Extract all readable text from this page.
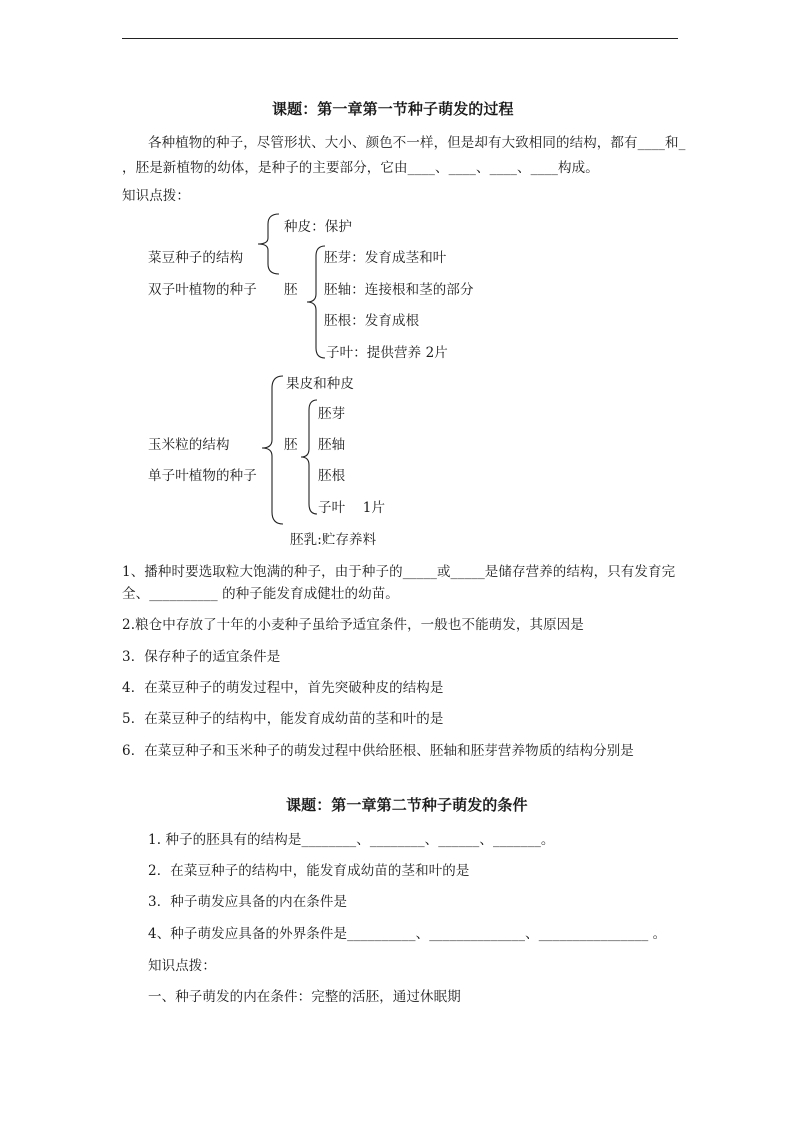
课题：第一章第一节种子萌发的过程
各种植物的种子，尽管形状、大小、颜色不一样，但是却有大致相同的结构，都有____和_
，胚是新植物的幼体，是种子的主要部分，它由____、____、____、____构成。
知识点拨：
菜豆种子的结构
双子叶植物的种子
种皮：保护
胚
胚芽：发育成茎和叶
胚轴：连接根和茎的部分
胚根：发育成根
子叶：提供营养 2片
玉米粒的结构
单子叶植物的种子
果皮和种皮
胚
胚芽
胚轴
胚根
子叶    1片
胚乳:贮存养料
1、播种时要选取粒大饱满的种子，由于种子的_____或_____是储存营养的结构，只有发育完
全、__________ 的种子能发育成健壮的幼苗。
2.粮仓中存放了十年的小麦种子虽给予适宜条件，一般也不能萌发，其原因是
3．保存种子的适宜条件是
4．在菜豆种子的萌发过程中，首先突破种皮的结构是
5．在菜豆种子的结构中，能发育成幼苗的茎和叶的是
6．在菜豆种子和玉米种子的萌发过程中供给胚根、胚轴和胚芽营养物质的结构分别是
课题：第一章第二节种子萌发的条件
1. 种子的胚具有的结构是________、________、______、_______。
2．在菜豆种子的结构中，能发育成幼苗的茎和叶的是
3．种子萌发应具备的内在条件是
4、种子萌发应具备的外界条件是__________、______________、________________ 。
知识点拨：
一、种子萌发的内在条件：完整的活胚，通过休眠期
